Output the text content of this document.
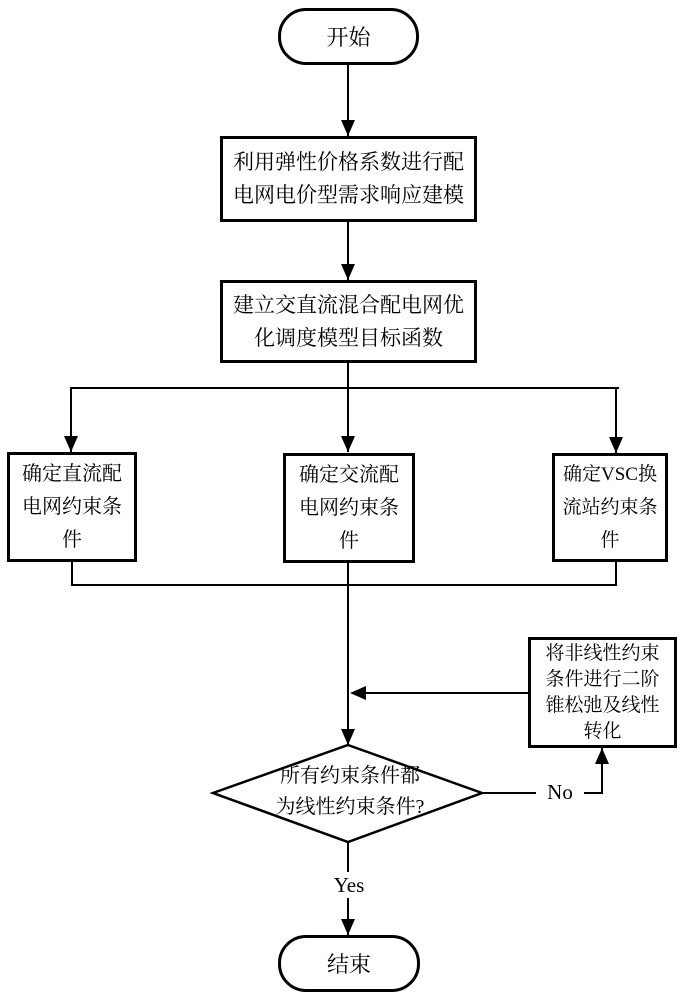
开始
利用弹性价格系数进行配
电网电价型需求响应建模
建立交直流混合配电网优
化调度模型目标函数
确定直流配
电网约束条
件
确定交流配
电网约束条
件
确定VSC换
流站约束条
件
将非线性约束
条件进行二阶
锥松弛及线性
转化
所有约束条件都
为线性约束条件?
No
Yes
结束
